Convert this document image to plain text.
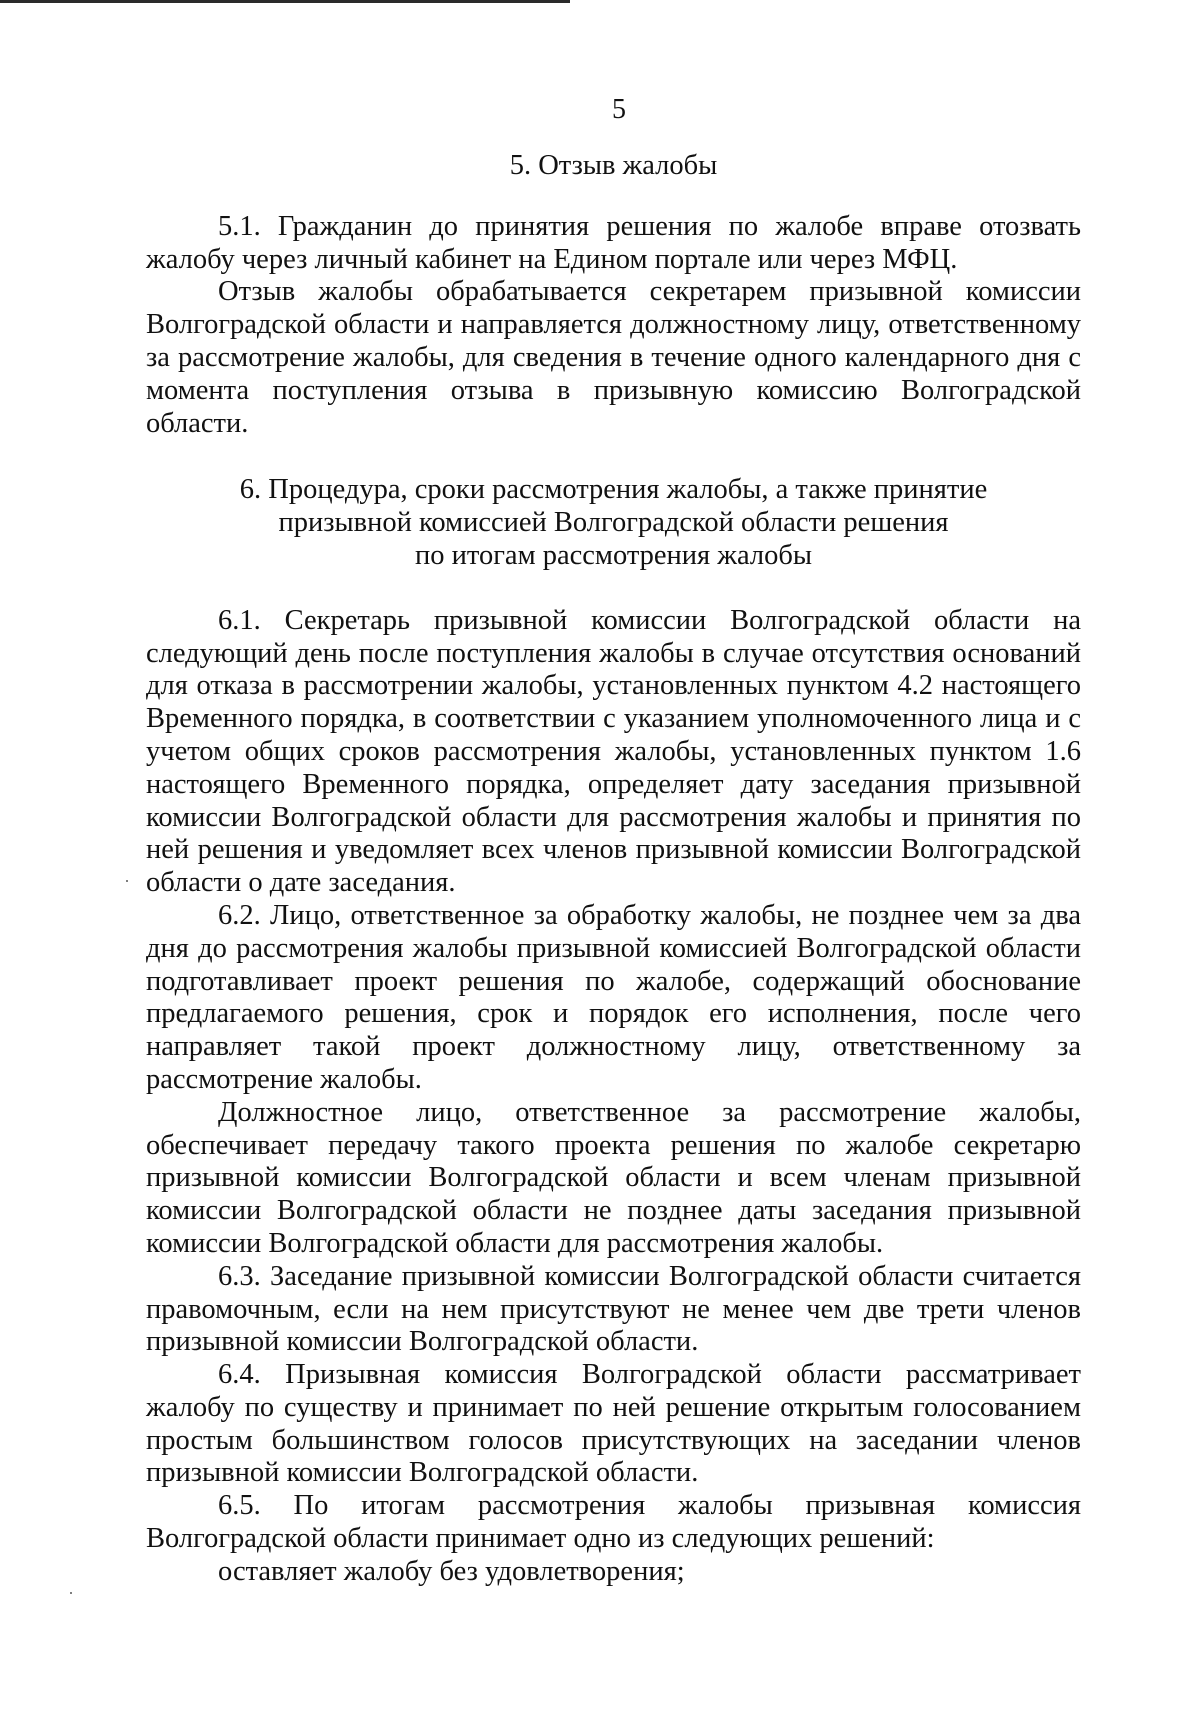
5

5. Отзыв жалобы

5.1. Гражданин до принятия решения по жалобе вправе отозвать жалобу через личный кабинет на Едином портале или через МФЦ.

Отзыв жалобы обрабатывается секретарем призывной комиссии Волгоградской области и направляется должностному лицу, ответственному за рассмотрение жалобы, для сведения в течение одного календарного дня с момента поступления отзыва в призывную комиссию Волгоградской области.

6. Процедура, сроки рассмотрения жалобы, а также принятие

призывной комиссией Волгоградской области решения

по итогам рассмотрения жалобы

6.1. Секретарь призывной комиссии Волгоградской области на следующий день после поступления жалобы в случае отсутствия оснований для отказа в рассмотрении жалобы, установленных пунктом 4.2 настоящего Временного порядка, в соответствии с указанием уполномоченного лица и с учетом общих сроков рассмотрения жалобы, установленных пунктом 1.6 настоящего Временного порядка, определяет дату заседания призывной комиссии Волгоградской области для рассмотрения жалобы и принятия по ней решения и уведомляет всех членов призывной комиссии Волгоградской области о дате заседания.

6.2. Лицо, ответственное за обработку жалобы, не позднее чем за два дня до рассмотрения жалобы призывной комиссией Волгоградской области подготавливает проект решения по жалобе, содержащий обоснование предлагаемого решения, срок и порядок его исполнения, после чего направляет такой проект должностному лицу, ответственному за рассмотрение жалобы.

Должностное лицо, ответственное за рассмотрение жалобы, обеспечивает передачу такого проекта решения по жалобе секретарю призывной комиссии Волгоградской области и всем членам призывной комиссии Волгоградской области не позднее даты заседания призывной комиссии Волгоградской области для рассмотрения жалобы.

6.3. Заседание призывной комиссии Волгоградской области считается правомочным, если на нем присутствуют не менее чем две трети членов призывной комиссии Волгоградской области.

6.4. Призывная комиссия Волгоградской области рассматривает жалобу по существу и принимает по ней решение открытым голосованием простым большинством голосов присутствующих на заседании членов призывной комиссии Волгоградской области.

6.5. По итогам рассмотрения жалобы призывная комиссия Волгоградской области принимает одно из следующих решений:

оставляет жалобу без удовлетворения;
